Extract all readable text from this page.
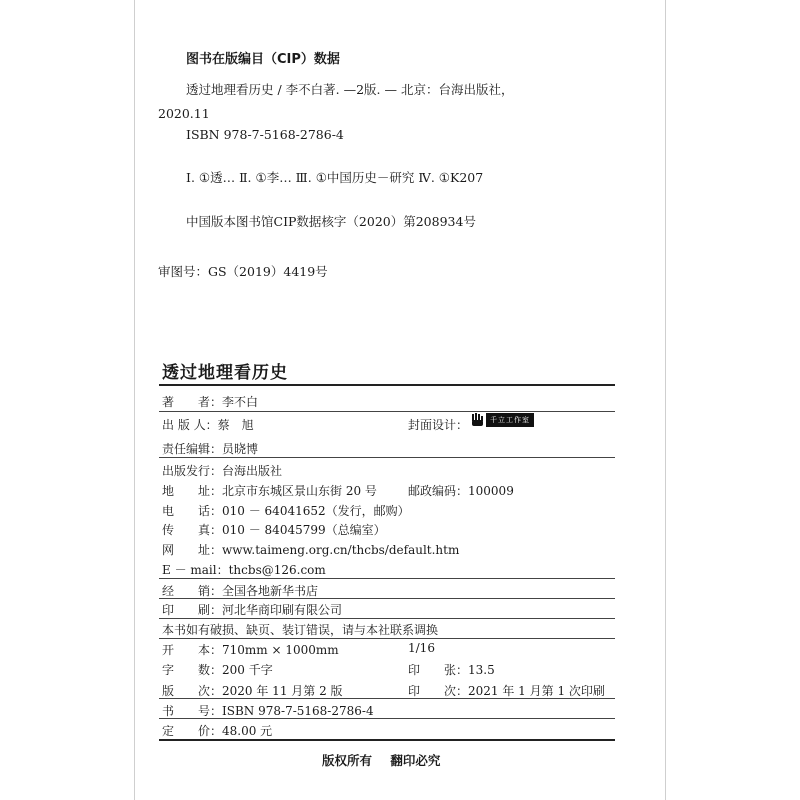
图书在版编目（CIP）数据
透过地理看历史 / 李不白著. —2版. — 北京：台海出版社，
2020.11
ISBN 978-7-5168-2786-4
Ⅰ. ①透… Ⅱ. ①李… Ⅲ. ①中国历史－研究 Ⅳ. ①K207
中国版本图书馆CIP数据核字（2020）第208934号
审图号：GS（2019）4419号
透过地理看历史
著　　者：李不白
出 版 人：蔡　旭	封面设计：	千立工作室
责任编辑：员晓博
出版发行：台海出版社
地　　址：北京市东城区景山东街 20 号	邮政编码：100009
电　　话：010 － 64041652（发行，邮购）
传　　真：010 － 84045799（总编室）
网　　址：www.taimeng.org.cn/thcbs/default.htm
E － mail：thcbs@126.com
经　　销：全国各地新华书店
印　　刷：河北华商印刷有限公司
本书如有破损、缺页、装订错误，请与本社联系调换
开　　本：710mm × 1000mm	1/16
字　　数：200 千字	印　　张：13.5
版　　次：2020 年 11 月第 2 版	印　　次：2021 年 1 月第 1 次印刷
书　　号：ISBN 978-7-5168-2786-4
定　　价：48.00 元
版权所有 翻印必究
